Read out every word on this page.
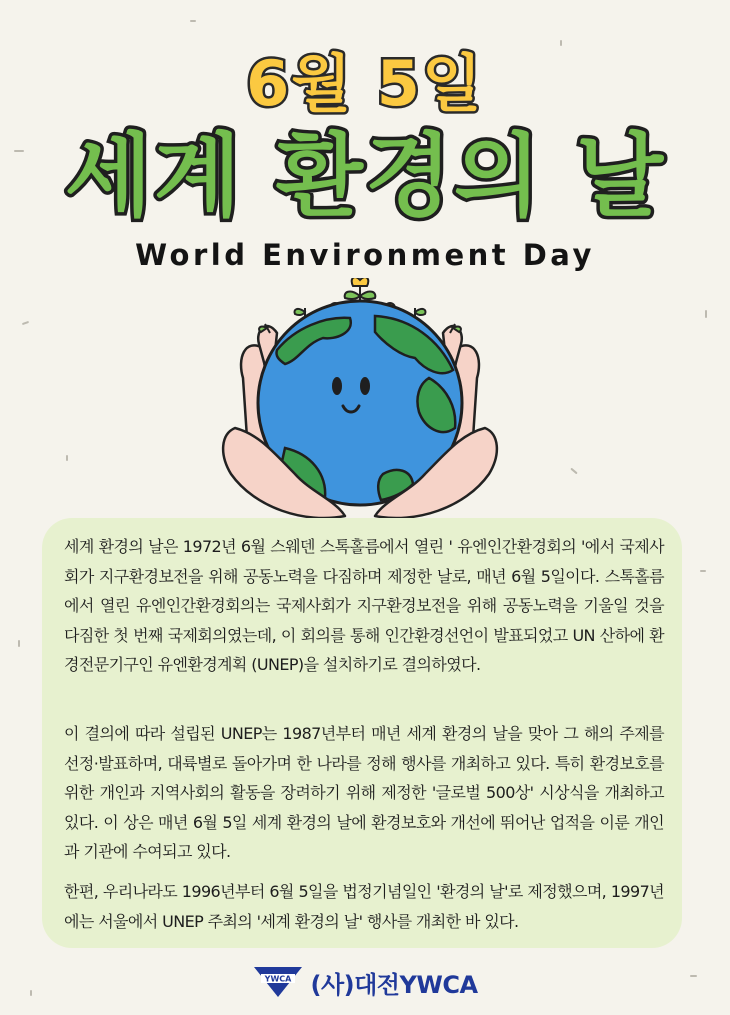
6월 5일
세계 환경의 날
World Environment Day

세계 환경의 날은 1972년 6월 스웨덴 스톡홀름에서 열린 ' 유엔인간환경회의 '에서 국제사회가 지구환경보전을 위해 공동노력을 다짐하며 제정한 날로, 매년 6월 5일이다. 스톡홀름에서 열린 유엔인간환경회의는 국제사회가 지구환경보전을 위해 공동노력을 기울일 것을 다짐한 첫 번째 국제회의였는데, 이 회의를 통해 인간환경선언이 발표되었고 UN 산하에 환경전문기구인 유엔환경계획 (UNEP)을 설치하기로 결의하였다.

이 결의에 따라 설립된 UNEP는 1987년부터 매년 세계 환경의 날을 맞아 그 해의 주제를 선정·발표하며, 대륙별로 돌아가며 한 나라를 정해 행사를 개최하고 있다. 특히 환경보호를 위한 개인과 지역사회의 활동을 장려하기 위해 제정한 '글로벌 500상' 시상식을 개최하고 있다. 이 상은 매년 6월 5일 세계 환경의 날에 환경보호와 개선에 뛰어난 업적을 이룬 개인과 기관에 수여되고 있다.

한편, 우리나라도 1996년부터 6월 5일을 법정기념일인 '환경의 날'로 제정했으며, 1997년에는 서울에서 UNEP 주최의 '세계 환경의 날' 행사를 개최한 바 있다.

YWCA (사)대전YWCA
